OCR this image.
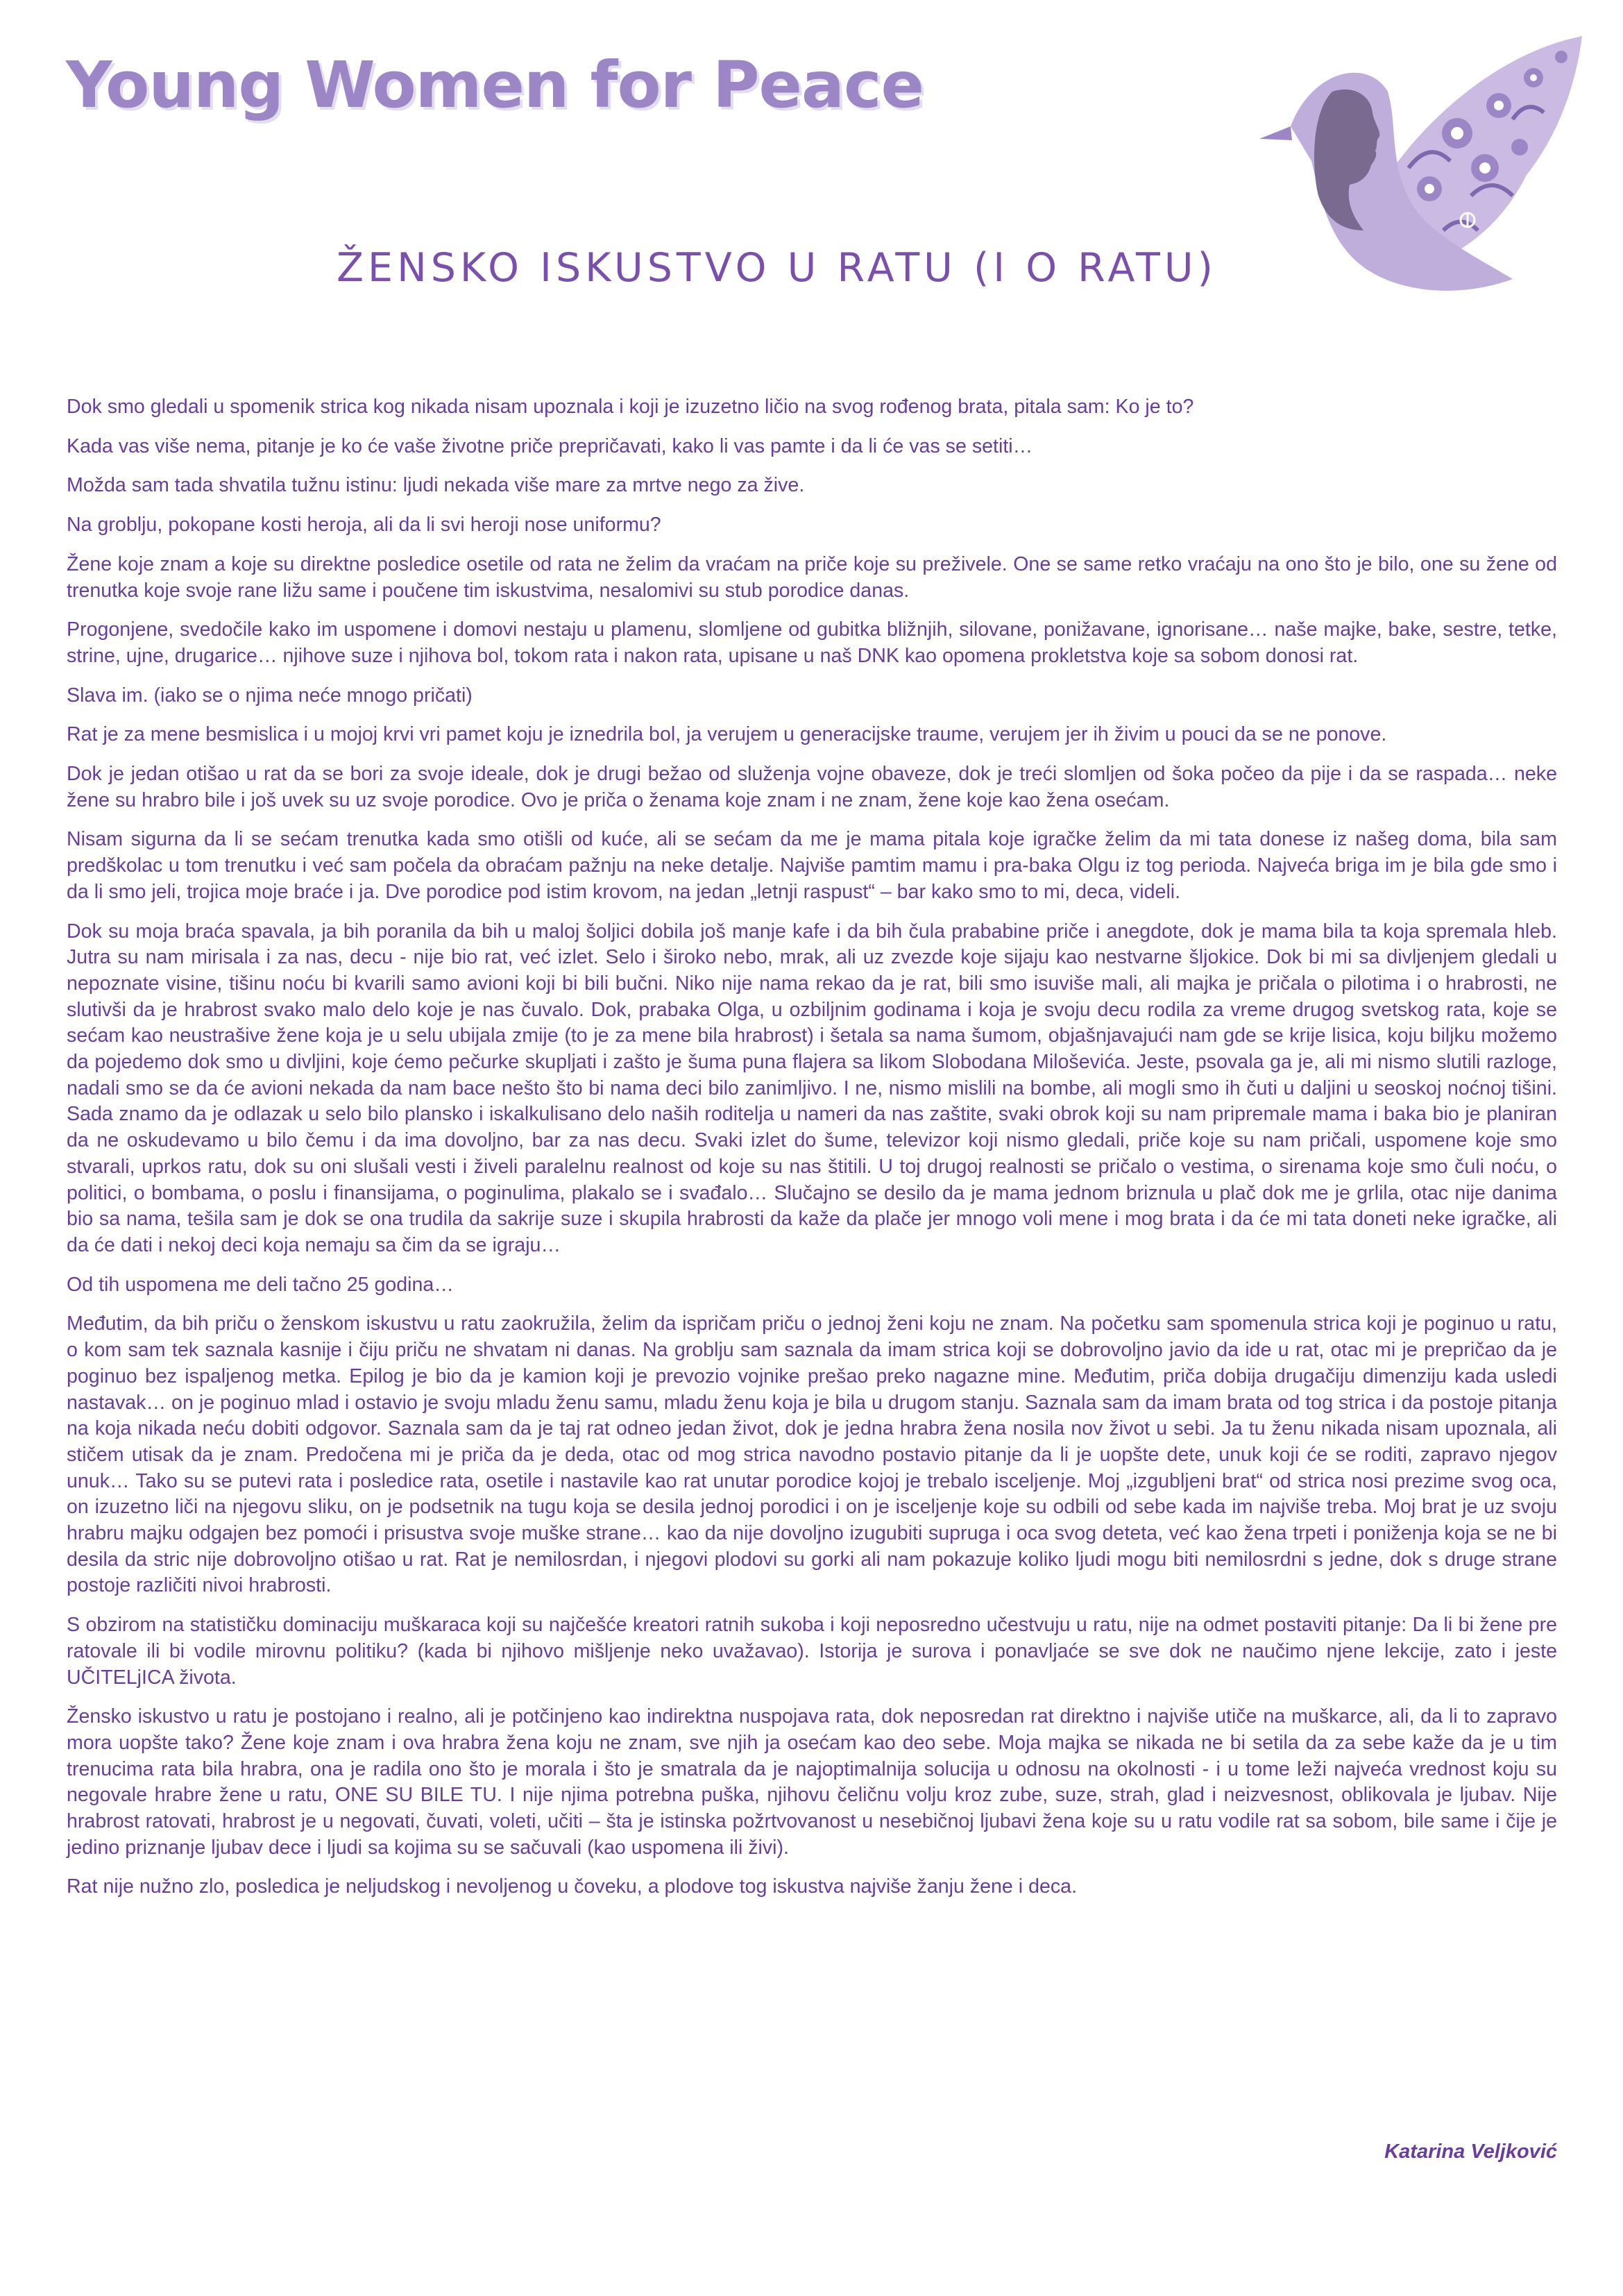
Young Women for Peace
ŽENSKO ISKUSTVO U RATU (I O RATU)

Dok smo gledali u spomenik strica kog nikada nisam upoznala i koji je izuzetno ličio na svog rođenog brata, pitala sam: Ko je to?

Kada vas više nema, pitanje je ko će vaše životne priče prepričavati, kako li vas pamte i da li će vas se setiti…

Možda sam tada shvatila tužnu istinu: ljudi nekada više mare za mrtve nego za žive.

Na groblju, pokopane kosti heroja, ali da li svi heroji nose uniformu?

Žene koje znam a koje su direktne posledice osetile od rata ne želim da vraćam na priče koje su preživele. One se same retko vraćaju na ono što je bilo, one su žene od trenutka koje svoje rane ližu same i poučene tim iskustvima, nesalomivi su stub porodice danas.

Progonjene, svedočile kako im uspomene i domovi nestaju u plamenu, slomljene od gubitka bližnjih, silovane, ponižavane, ignorisane… naše majke, bake, sestre, tetke, strine, ujne, drugarice… njihove suze i njihova bol, tokom rata i nakon rata, upisane u naš DNK kao opomena prokletstva koje sa sobom donosi rat.

Slava im. (iako se o njima neće mnogo pričati)

Rat je za mene besmislica i u mojoj krvi vri pamet koju je iznedrila bol, ja verujem u generacijske traume, verujem jer ih živim u pouci da se ne ponove.

Dok je jedan otišao u rat da se bori za svoje ideale, dok je drugi bežao od služenja vojne obaveze, dok je treći slomljen od šoka počeo da pije i da se raspada… neke žene su hrabro bile i još uvek su uz svoje porodice. Ovo je priča o ženama koje znam i ne znam, žene koje kao žena osećam.

Nisam sigurna da li se sećam trenutka kada smo otišli od kuće, ali se sećam da me je mama pitala koje igračke želim da mi tata donese iz našeg doma, bila sam predškolac u tom trenutku i već sam počela da obraćam pažnju na neke detalje. Najviše pamtim mamu i pra-baka Olgu iz tog perioda. Najveća briga im je bila gde smo i da li smo jeli, trojica moje braće i ja. Dve porodice pod istim krovom, na jedan „letnji raspust“ – bar kako smo to mi, deca, videli.

Dok su moja braća spavala, ja bih poranila da bih u maloj šoljici dobila još manje kafe i da bih čula prababine priče i anegdote, dok je mama bila ta koja spremala hleb. Jutra su nam mirisala i za nas, decu - nije bio rat, već izlet. Selo i široko nebo, mrak, ali uz zvezde koje sijaju kao nestvarne šljokice. Dok bi mi sa divljenjem gledali u nepoznate visine, tišinu noću bi kvarili samo avioni koji bi bili bučni. Niko nije nama rekao da je rat, bili smo isuviše mali, ali majka je pričala o pilotima i o hrabrosti, ne slutivši da je hrabrost svako malo delo koje je nas čuvalo. Dok, prabaka Olga, u ozbiljnim godinama i koja je svoju decu rodila za vreme drugog svetskog rata, koje se sećam kao neustrašive žene koja je u selu ubijala zmije (to je za mene bila hrabrost) i šetala sa nama šumom, objašnjavajući nam gde se krije lisica, koju biljku možemo da pojedemo dok smo u divljini, koje ćemo pečurke skupljati i zašto je šuma puna flajera sa likom Slobodana Miloševića. Jeste, psovala ga je, ali mi nismo slutili razloge, nadali smo se da će avioni nekada da nam bace nešto što bi nama deci bilo zanimljivo. I ne, nismo mislili na bombe, ali mogli smo ih čuti u daljini u seoskoj noćnoj tišini. Sada znamo da je odlazak u selo bilo plansko i iskalkulisano delo naših roditelja u nameri da nas zaštite, svaki obrok koji su nam pripremale mama i baka bio je planiran da ne oskudevamo u bilo čemu i da ima dovoljno, bar za nas decu. Svaki izlet do šume, televizor koji nismo gledali, priče koje su nam pričali, uspomene koje smo stvarali, uprkos ratu, dok su oni slušali vesti i živeli paralelnu realnost od koje su nas štitili. U toj drugoj realnosti se pričalo o vestima, o sirenama koje smo čuli noću, o politici, o bombama, o poslu i finansijama, o poginulima, plakalo se i svađalo… Slučajno se desilo da je mama jednom briznula u plač dok me je grlila, otac nije danima bio sa nama, tešila sam je dok se ona trudila da sakrije suze i skupila hrabrosti da kaže da plače jer mnogo voli mene i mog brata i da će mi tata doneti neke igračke, ali da će dati i nekoj deci koja nemaju sa čim da se igraju…

Od tih uspomena me deli tačno 25 godina…

Međutim, da bih priču o ženskom iskustvu u ratu zaokružila, želim da ispričam priču o jednoj ženi koju ne znam. Na početku sam spomenula strica koji je poginuo u ratu, o kom sam tek saznala kasnije i čiju priču ne shvatam ni danas. Na groblju sam saznala da imam strica koji se dobrovoljno javio da ide u rat, otac mi je prepričao da je poginuo bez ispaljenog metka. Epilog je bio da je kamion koji je prevozio vojnike prešao preko nagazne mine. Međutim, priča dobija drugačiju dimenziju kada usledi nastavak… on je poginuo mlad i ostavio je svoju mladu ženu samu, mladu ženu koja je bila u drugom stanju. Saznala sam da imam brata od tog strica i da postoje pitanja na koja nikada neću dobiti odgovor. Saznala sam da je taj rat odneo jedan život, dok je jedna hrabra žena nosila nov život u sebi. Ja tu ženu nikada nisam upoznala, ali stičem utisak da je znam. Predočena mi je priča da je deda, otac od mog strica navodno postavio pitanje da li je uopšte dete, unuk koji će se roditi, zapravo njegov unuk… Tako su se putevi rata i posledice rata, osetile i nastavile kao rat unutar porodice kojoj je trebalo isceljenje. Moj „izgubljeni brat“ od strica nosi prezime svog oca, on izuzetno liči na njegovu sliku, on je podsetnik na tugu koja se desila jednoj porodici i on je isceljenje koje su odbili od sebe kada im najviše treba. Moj brat je uz svoju hrabru majku odgajen bez pomoći i prisustva svoje muške strane… kao da nije dovoljno izugubiti supruga i oca svog deteta, već kao žena trpeti i poniženja koja se ne bi desila da stric nije dobrovoljno otišao u rat. Rat je nemilosrdan, i njegovi plodovi su gorki ali nam pokazuje koliko ljudi mogu biti nemilosrdni s jedne, dok s druge strane postoje različiti nivoi hrabrosti.

S obzirom na statističku dominaciju muškaraca koji su najčešće kreatori ratnih sukoba i koji neposredno učestvuju u ratu, nije na odmet postaviti pitanje: Da li bi žene pre ratovale ili bi vodile mirovnu politiku? (kada bi njihovo mišljenje neko uvažavao). Istorija je surova i ponavljaće se sve dok ne naučimo njene lekcije, zato i jeste UČITELjICA života.

Žensko iskustvo u ratu je postojano i realno, ali je potčinjeno kao indirektna nuspojava rata, dok neposredan rat direktno i najviše utiče na muškarce, ali, da li to zapravo mora uopšte tako? Žene koje znam i ova hrabra žena koju ne znam, sve njih ja osećam kao deo sebe. Moja majka se nikada ne bi setila da za sebe kaže da je u tim trenucima rata bila hrabra, ona je radila ono što je morala i što je smatrala da je najoptimalnija solucija u odnosu na okolnosti - i u tome leži najveća vrednost koju su negovale hrabre žene u ratu, ONE SU BILE TU. I nije njima potrebna puška, njihovu čeličnu volju kroz zube, suze, strah, glad i neizvesnost, oblikovala je ljubav. Nije hrabrost ratovati, hrabrost je u negovati, čuvati, voleti, učiti – šta je istinska požrtvovanost u nesebičnoj ljubavi žena koje su u ratu vodile rat sa sobom, bile same i čije je jedino priznanje ljubav dece i ljudi sa kojima su se sačuvali (kao uspomena ili živi).

Rat nije nužno zlo, posledica je neljudskog i nevoljenog u čoveku, a plodove tog iskustva najviše žanju žene i deca.

Katarina Veljković
